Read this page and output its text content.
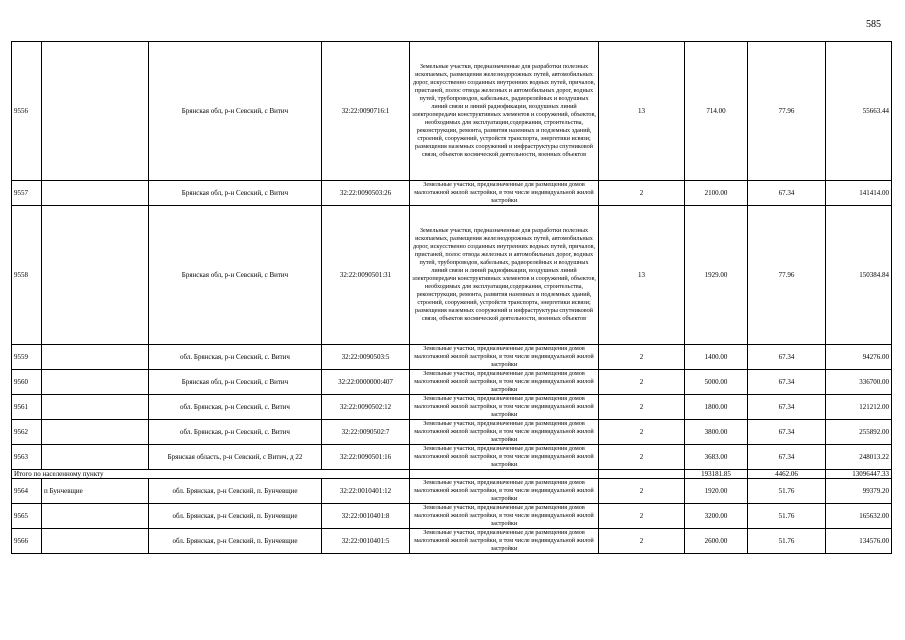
585
9556		Брянская обл, р-н Севский, с Витич	32:22:0090716:1	Земельные участки, предназначенные для разработки полезных ископаемых, размещения железнодорожных путей, автомобильных дорог, искусственно созданных внутренних водных путей, причалов, пристаней, полос отвода железных и автомобильных дорог, водных путей, трубопроводов, кабельных, радиорелейных и воздушных линий связи и линий радиофикации, воздушных линий электропередачи конструктивных элементов и сооружений, объектов, необходимых для эксплуатации,содержания, строительства, реконструкции, ремонта, развития наземных и подземных зданий, строений, сооружений, устройств транспорта, энергетики исвязи; размещения наземных сооружений и инфраструктуры спутниковой связи, объектов космической деятельности, военных объектов	13	714.00	77.96	55663.44
9557		Брянская обл, р-н Севский, с Витич	32:22:0090503:26	Земельные участки, предназначенные для размещения домов малоэтажной жилой застройки, в том числе индивидуальной жилой застройки	2	2100.00	67.34	141414.00
9558		Брянская обл, р-н Севский, с Витич	32:22:0090501:31	Земельные участки, предназначенные для разработки полезных ископаемых, размещения железнодорожных путей, автомобильных дорог, искусственно созданных внутренних водных путей, причалов, пристаней, полос отвода железных и автомобильных дорог, водных путей, трубопроводов, кабельных, радиорелейных и воздушных линий связи и линий радиофикации, воздушных линий электропередачи конструктивных элементов и сооружений, объектов, необходимых для эксплуатации,содержания, строительства, реконструкции, ремонта, развития наземных и подземных зданий, строений, сооружений, устройств транспорта, энергетики исвязи; размещения наземных сооружений и инфраструктуры спутниковой связи, объектов космической деятельности, военных объектов	13	1929.00	77.96	150384.84
9559		обл. Брянская, р-н Севский, с. Витич	32:22:0090503:5	Земельные участки, предназначенные для размещения домов малоэтажной жилой застройки, в том числе индивидуальной жилой застройки	2	1400.00	67.34	94276.00
9560		Брянская обл, р-н Севский, с Витич	32:22:0000000:407	Земельные участки, предназначенные для размещения домов малоэтажной жилой застройки, в том числе индивидуальной жилой застройки	2	5000.00	67.34	336700.00
9561		обл. Брянская, р-н Севский, с. Витич	32:22:0090502:12	Земельные участки, предназначенные для размещения домов малоэтажной жилой застройки, в том числе индивидуальной жилой застройки	2	1800.00	67.34	121212.00
9562		обл. Брянская, р-н Севский, с. Витич	32:22:0090502:7	Земельные участки, предназначенные для размещения домов малоэтажной жилой застройки, в том числе индивидуальной жилой застройки	2	3800.00	67.34	255892.00
9563		Брянская область, р-н Севский, с Витич, д 22	32:22:0090501:16	Земельные участки, предназначенные для размещения домов малоэтажной жилой застройки, в том числе индивидуальной жилой застройки	2	3683.00	67.34	248013.22
Итого по населенному пункту						193181.85	4462.06	13096447.33
9564	п Бунчевщие	обл. Брянская, р-н Севский, п. Бунчевщие	32:22:0010401:12	Земельные участки, предназначенные для размещения домов малоэтажной жилой застройки, в том числе индивидуальной жилой застройки	2	1920.00	51.76	99379.20
9565		обл. Брянская, р-н Севский, п. Бунчевщие	32:22:0010401:8	Земельные участки, предназначенные для размещения домов малоэтажной жилой застройки, в том числе индивидуальной жилой застройки	2	3200.00	51.76	165632.00
9566		обл. Брянская, р-н Севский, п. Бунчевщие	32:22:0010401:5	Земельные участки, предназначенные для размещения домов малоэтажной жилой застройки, в том числе индивидуальной жилой застройки	2	2600.00	51.76	134576.00
